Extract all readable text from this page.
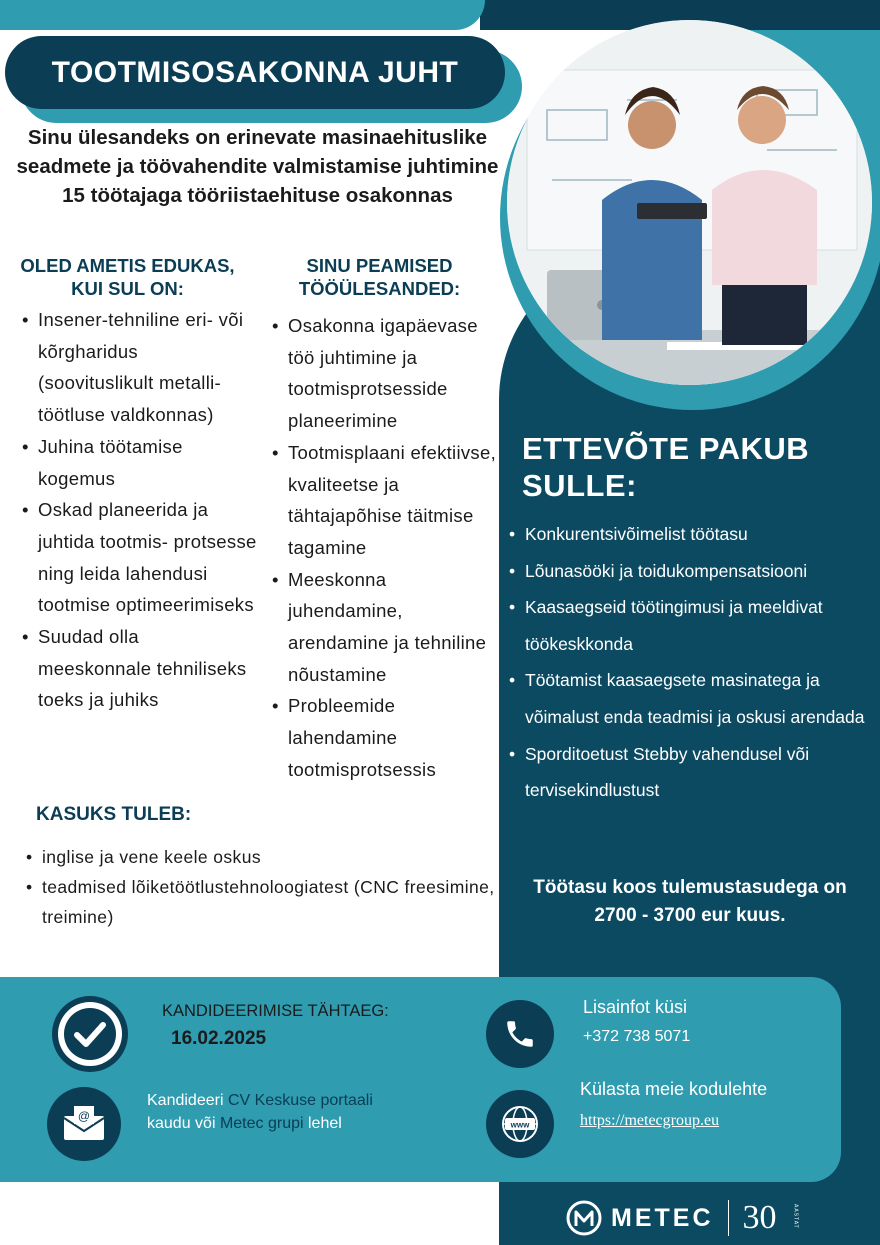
TOOTMISOSAKONNA JUHT
Sinu ülesandeks on erinevate masinaehituslike seadmete ja töövahendite valmistamise juhtimine 15 töötajaga tööriistaehituse osakonnas
OLED AMETIS EDUKAS,
KUI SUL ON:
• Insener-tehniline eri- või kõrgharidus (soovituslikult metalli- töötluse valdkonnas)
• Juhina töötamise kogemus
• Oskad planeerida ja juhtida tootmis- protsesse ning leida lahendusi tootmise optimeerimiseks
• Suudad olla meeskonnale tehniliseks toeks ja juhiks
SINU PEAMISED
TÖÖÜLESANDED:
• Osakonna igapäevase töö juhtimine ja tootmisprotsesside planeerimine
• Tootmisplaani efektiivse, kvaliteetse ja tähtajapõhise täitmise tagamine
• Meeskonna juhendamine, arendamine ja tehniline nõustamine
• Probleemide lahendamine tootmisprotsessis
KASUKS TULEB:
• inglise ja vene keele oskus
• teadmised lõiketöötlustehnoloogiatest (CNC freesimine, treimine)
ETTEVÕTE PAKUB SULLE:
• Konkurentsivõimelist töötasu
• Lõunasööki ja toidukompensatsiooni
• Kaasaegseid töötingimusi ja meeldivat töökeskkonda
• Töötamist kaasaegsete masinatega ja võimalust enda teadmisi ja oskusi arendada
• Sporditoetust Stebby vahendusel või tervisekindlustust
Töötasu koos tulemustasudega on 2700 - 3700 eur kuus.
KANDIDEERIMISE TÄHTAEG:
16.02.2025
@
Kandideeri CV Keskuse portaali kaudu või Metec grupi lehel
Lisainfot küsi
+372 738 5071
www
Külasta meie kodulehte
https://metecgroup.eu
METEC 30	AASTAT
